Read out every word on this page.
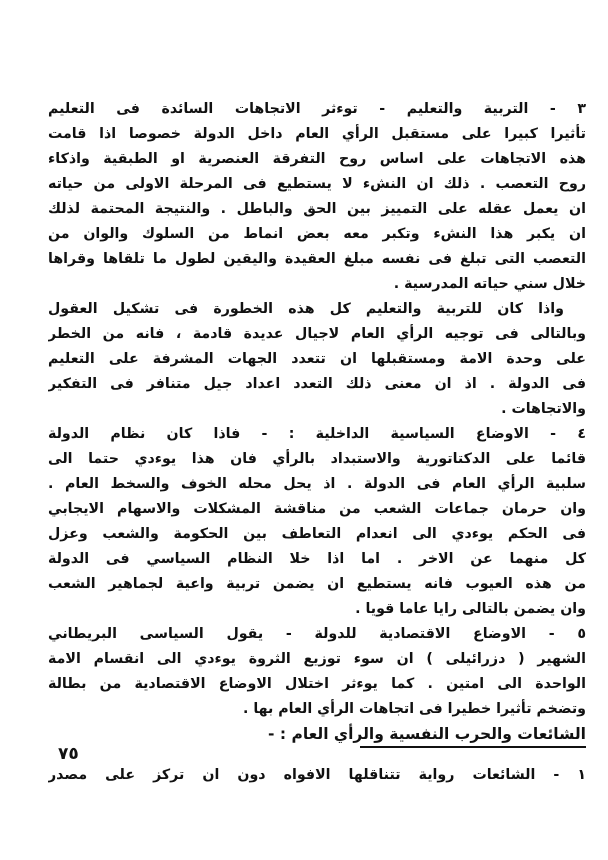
٣ - التربية والتعليم - توءثر الاتجاهات السائدة فى التعليم
تأثيرا كبيرا على مستقبل الرأي العام داخل الدولة خصوصا اذا قامت
هذه الاتجاهات على اساس روح التفرقة العنصرية او الطبقية واذكاء
روح التعصب . ذلك ان النشء لا يستطيع فى المرحلة الاولى من حياته
ان يعمل عقله على التمييز بين الحق والباطل . والنتيجة المحتمة لذلك
ان يكبر هذا النشء وتكبر معه بعض انماط من السلوك والوان من
التعصب التى تبلغ فى نفسه مبلغ العقيدة واليقين لطول ما تلقاها وقراها
خلال سني حياته المدرسية .
واذا كان للتربية والتعليم كل هذه الخطورة فى تشكيل العقول
وبالتالى فى توجيه الرأي العام لاجيال عديدة قادمة ، فانه من الخطر
على وحدة الامة ومستقبلها ان تتعدد الجهات المشرفة على التعليم
فى الدولة . اذ ان معنى ذلك التعدد اعداد جيل متنافر فى التفكير
والاتجاهات .
٤ - الاوضاع السياسية الداخلية : - فاذا كان نظام الدولة
قائما على الدكتاتورية والاستبداد بالرأي فان هذا يوءدي حتما الى
سلبية الرأي العام فى الدولة . اذ يحل محله الخوف والسخط العام .
وان حرمان جماعات الشعب من مناقشة المشكلات والاسهام الايجابي
فى الحكم يوءدي الى انعدام التعاطف بين الحكومة والشعب وعزل
كل منهما عن الاخر . اما اذا خلا النظام السياسي فى الدولة
من هذه العيوب فانه يستطيع ان يضمن تربية واعية لجماهير الشعب
وان يضمن بالتالى رايا عاما قويا .
٥ - الاوضاع الاقتصادية للدولة - يقول السياسى البريطاني
الشهير ( دزرائيلى ) ان سوء توزيع الثروة يوءدي الى انقسام الامة
الواحدة الى امتين . كما يوءثر اختلال الاوضاع الاقتصادية من بطالة
وتضخم تأثيرا خطيرا فى اتجاهات الرأي العام بها .
الشائعات والحرب النفسية والرأي العام : -
١ - الشائعات رواية تتناقلها الافواه دون ان تركز على مصدر
٧٥
